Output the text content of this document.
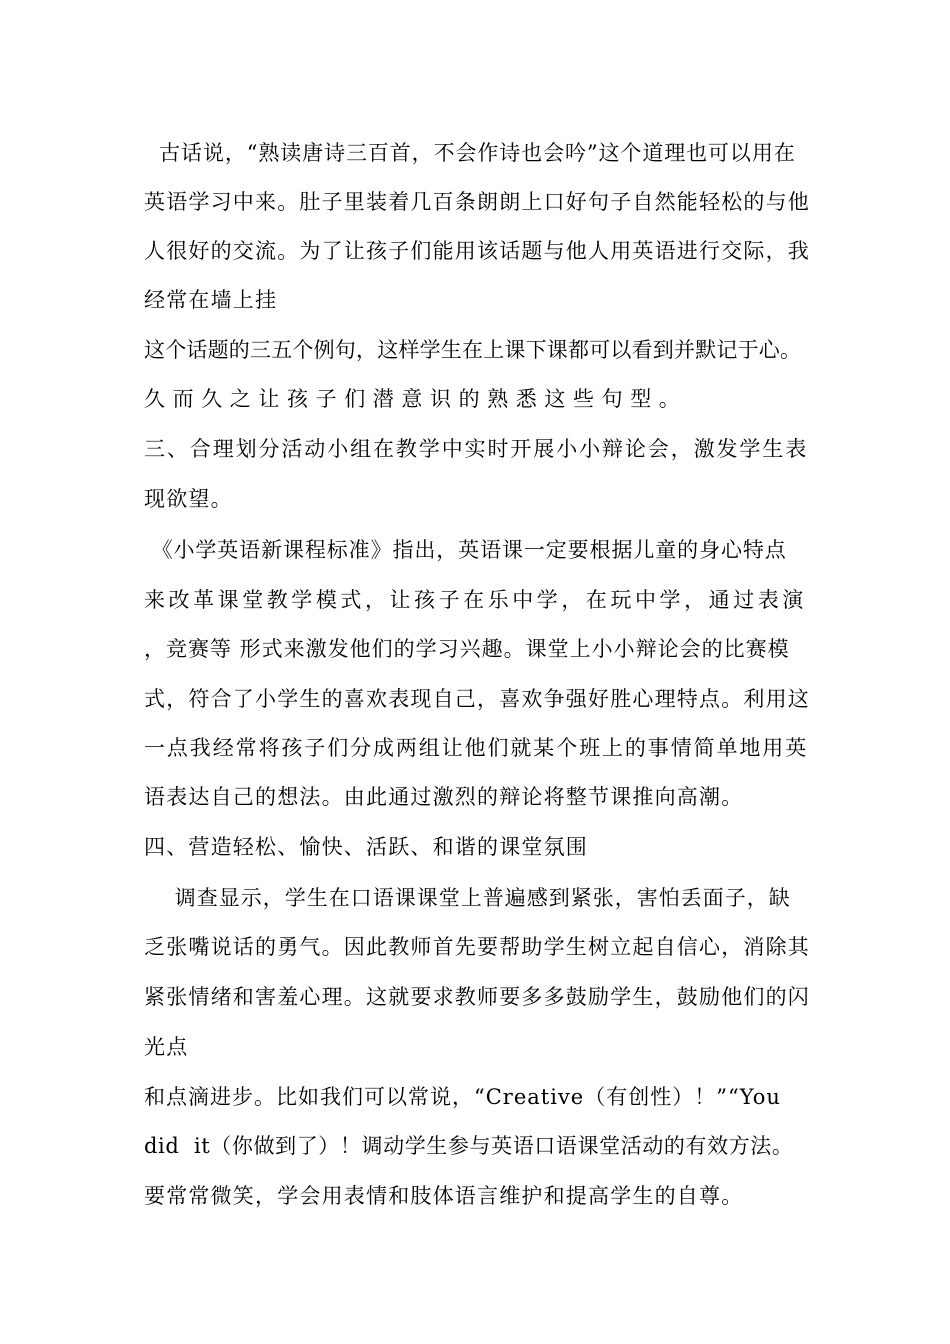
古话说，“熟读唐诗三百首，不会作诗也会吟”这个道理也可以用在
英语学习中来。肚子里装着几百条朗朗上口好句子自然能轻松的与他
人很好的交流。为了让孩子们能用该话题与他人用英语进行交际，我
经常在墙上挂
这个话题的三五个例句，这样学生在上课下课都可以看到并默记于心。
久而久之让孩子们潜意识的熟悉这些句型。
三、合理划分活动小组在教学中实时开展小小辩论会，激发学生表
现欲望。
《小学英语新课程标准》指出，英语课一定要根据儿童的身心特点
来改革课堂教学模式，让孩子在乐中学，在玩中学，通过表演
，竞赛等 形式来激发他们的学习兴趣。课堂上小小辩论会的比赛模
式，符合了小学生的喜欢表现自己，喜欢争强好胜心理特点。利用这
一点我经常将孩子们分成两组让他们就某个班上的事情简单地用英
语表达自己的想法。由此通过激烈的辩论将整节课推向高潮。
四、营造轻松、愉快、活跃、和谐的课堂氛围
调查显示，学生在口语课课堂上普遍感到紧张，害怕丢面子，缺
乏张嘴说话的勇气。因此教师首先要帮助学生树立起自信心，消除其
紧张情绪和害羞心理。这就要求教师要多多鼓励学生，鼓励他们的闪
光点
和点滴进步。比如我们可以常说，“Creative（有创性）！”“You
did  it（你做到了）！调动学生参与英语口语课堂活动的有效方法。
要常常微笑，学会用表情和肢体语言维护和提高学生的自尊。
